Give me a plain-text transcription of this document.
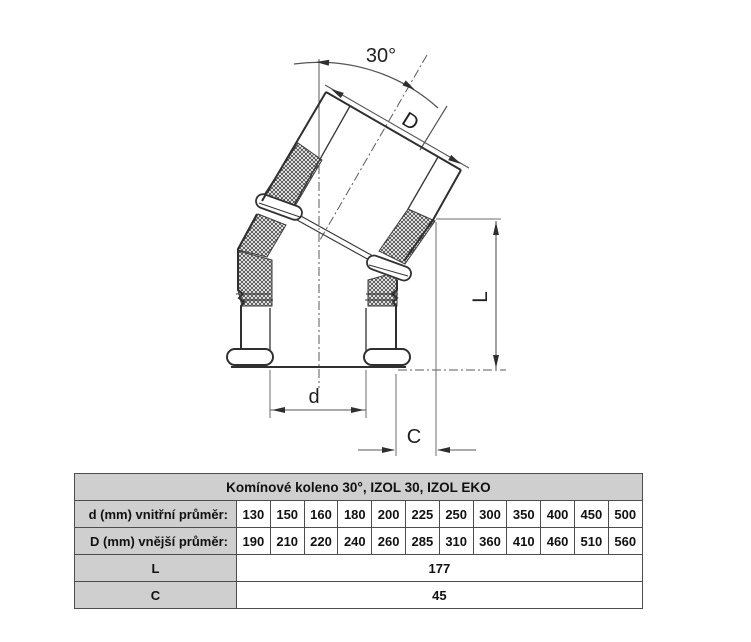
30°
D
L
d
C
Komínové koleno 30°, IZOL 30, IZOL EKO												
d (mm) vnitřní průměr:	130	150	160	180	200	225	250	300	350	400	450	500
D (mm) vnější průměr:	190	210	220	240	260	285	310	360	410	460	510	560
L	177											
C	45											
